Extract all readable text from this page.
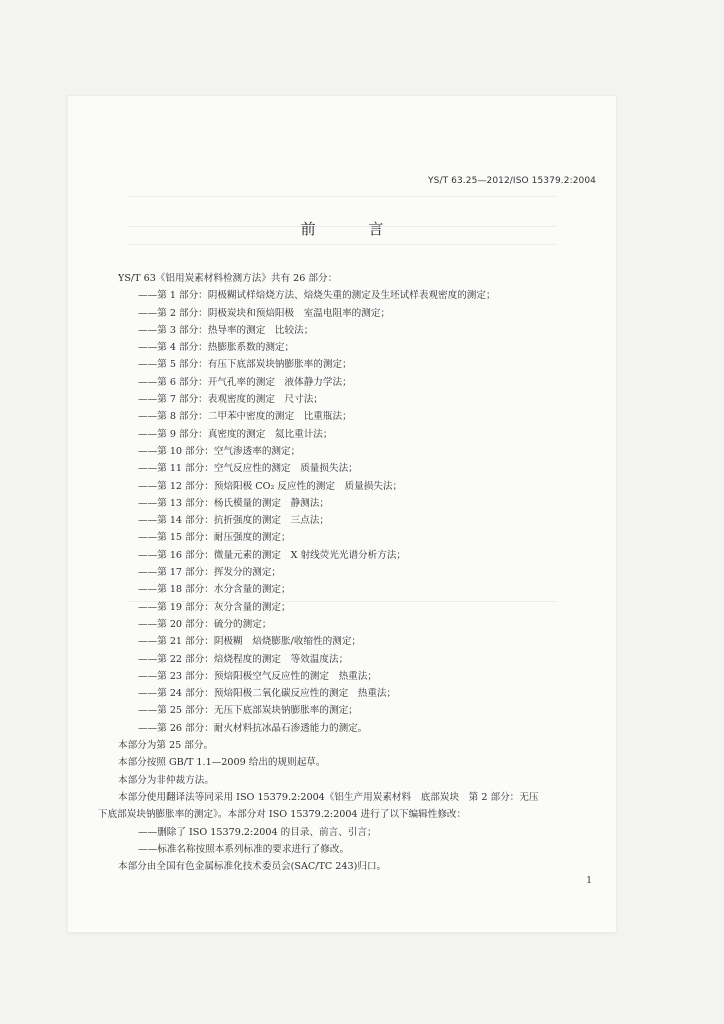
YS/T 63.25—2012/ISO 15379.2:2004
前 言
YS/T 63《铝用炭素材料检测方法》共有 26 部分：
——第 1 部分：阴极糊试样焙烧方法、焙烧失重的测定及生坯试样表观密度的测定；
——第 2 部分：阴极炭块和预焙阳极　室温电阻率的测定；
——第 3 部分：热导率的测定　比较法；
——第 4 部分：热膨胀系数的测定；
——第 5 部分：有压下底部炭块钠膨胀率的测定；
——第 6 部分：开气孔率的测定　液体静力学法；
——第 7 部分：表观密度的测定　尺寸法；
——第 8 部分：二甲苯中密度的测定　比重瓶法；
——第 9 部分：真密度的测定　氦比重计法；
——第 10 部分：空气渗透率的测定；
——第 11 部分：空气反应性的测定　质量损失法；
——第 12 部分：预焙阳极 CO₂ 反应性的测定　质量损失法；
——第 13 部分：杨氏模量的测定　静测法；
——第 14 部分：抗折强度的测定　三点法；
——第 15 部分：耐压强度的测定；
——第 16 部分：微量元素的测定　X 射线荧光光谱分析方法；
——第 17 部分：挥发分的测定；
——第 18 部分：水分含量的测定；
——第 19 部分：灰分含量的测定；
——第 20 部分：硫分的测定；
——第 21 部分：阴极糊　焙烧膨胀/收缩性的测定；
——第 22 部分：焙烧程度的测定　等效温度法；
——第 23 部分：预焙阳极空气反应性的测定　热重法；
——第 24 部分：预焙阳极二氧化碳反应性的测定　热重法；
——第 25 部分：无压下底部炭块钠膨胀率的测定；
——第 26 部分：耐火材料抗冰晶石渗透能力的测定。
本部分为第 25 部分。
本部分按照 GB/T 1.1—2009 给出的规则起草。
本部分为非仲裁方法。
本部分使用翻译法等同采用 ISO 15379.2:2004《铝生产用炭素材料　底部炭块　第 2 部分：无压
下底部炭块钠膨胀率的测定》。本部分对 ISO 15379.2:2004 进行了以下编辑性修改：
——删除了 ISO 15379.2:2004 的目录、前言、引言；
——标准名称按照本系列标准的要求进行了修改。
本部分由全国有色金属标准化技术委员会(SAC/TC 243)归口。
1
